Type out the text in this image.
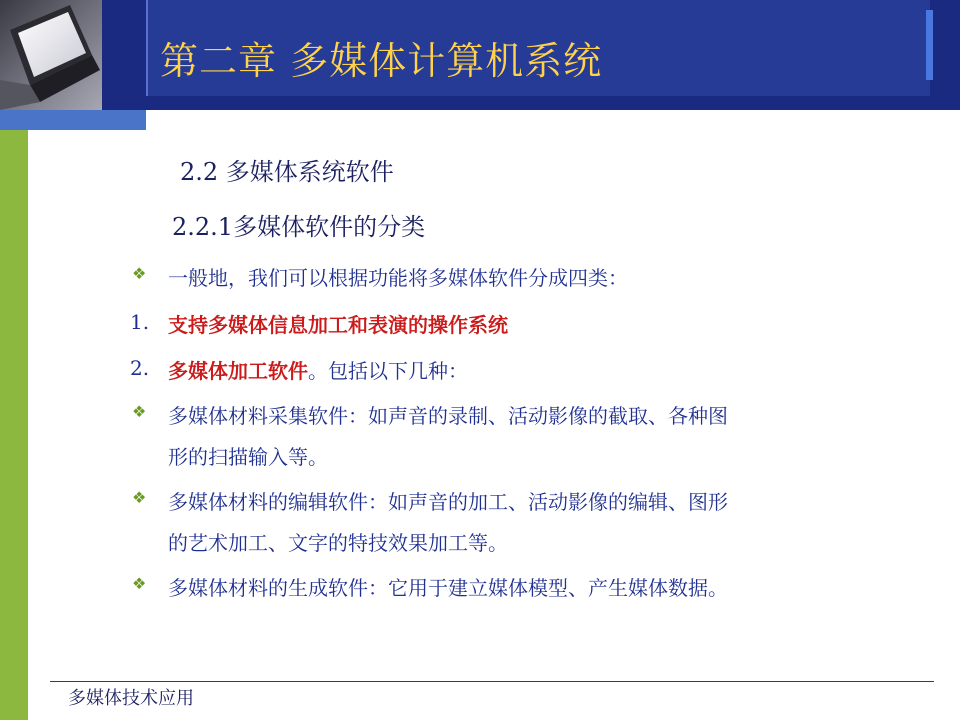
第二章 多媒体计算机系统
2.2 多媒体系统软件
2.2.1多媒体软件的分类
❖ 一般地，我们可以根据功能将多媒体软件分成四类：
1. 支持多媒体信息加工和表演的操作系统
2. 多媒体加工软件。包括以下几种：
❖ 多媒体材料采集软件：如声音的录制、活动影像的截取、各种图
形的扫描输入等。
❖ 多媒体材料的编辑软件：如声音的加工、活动影像的编辑、图形
的艺术加工、文字的特技效果加工等。
❖ 多媒体材料的生成软件：它用于建立媒体模型、产生媒体数据。
多媒体技术应用
